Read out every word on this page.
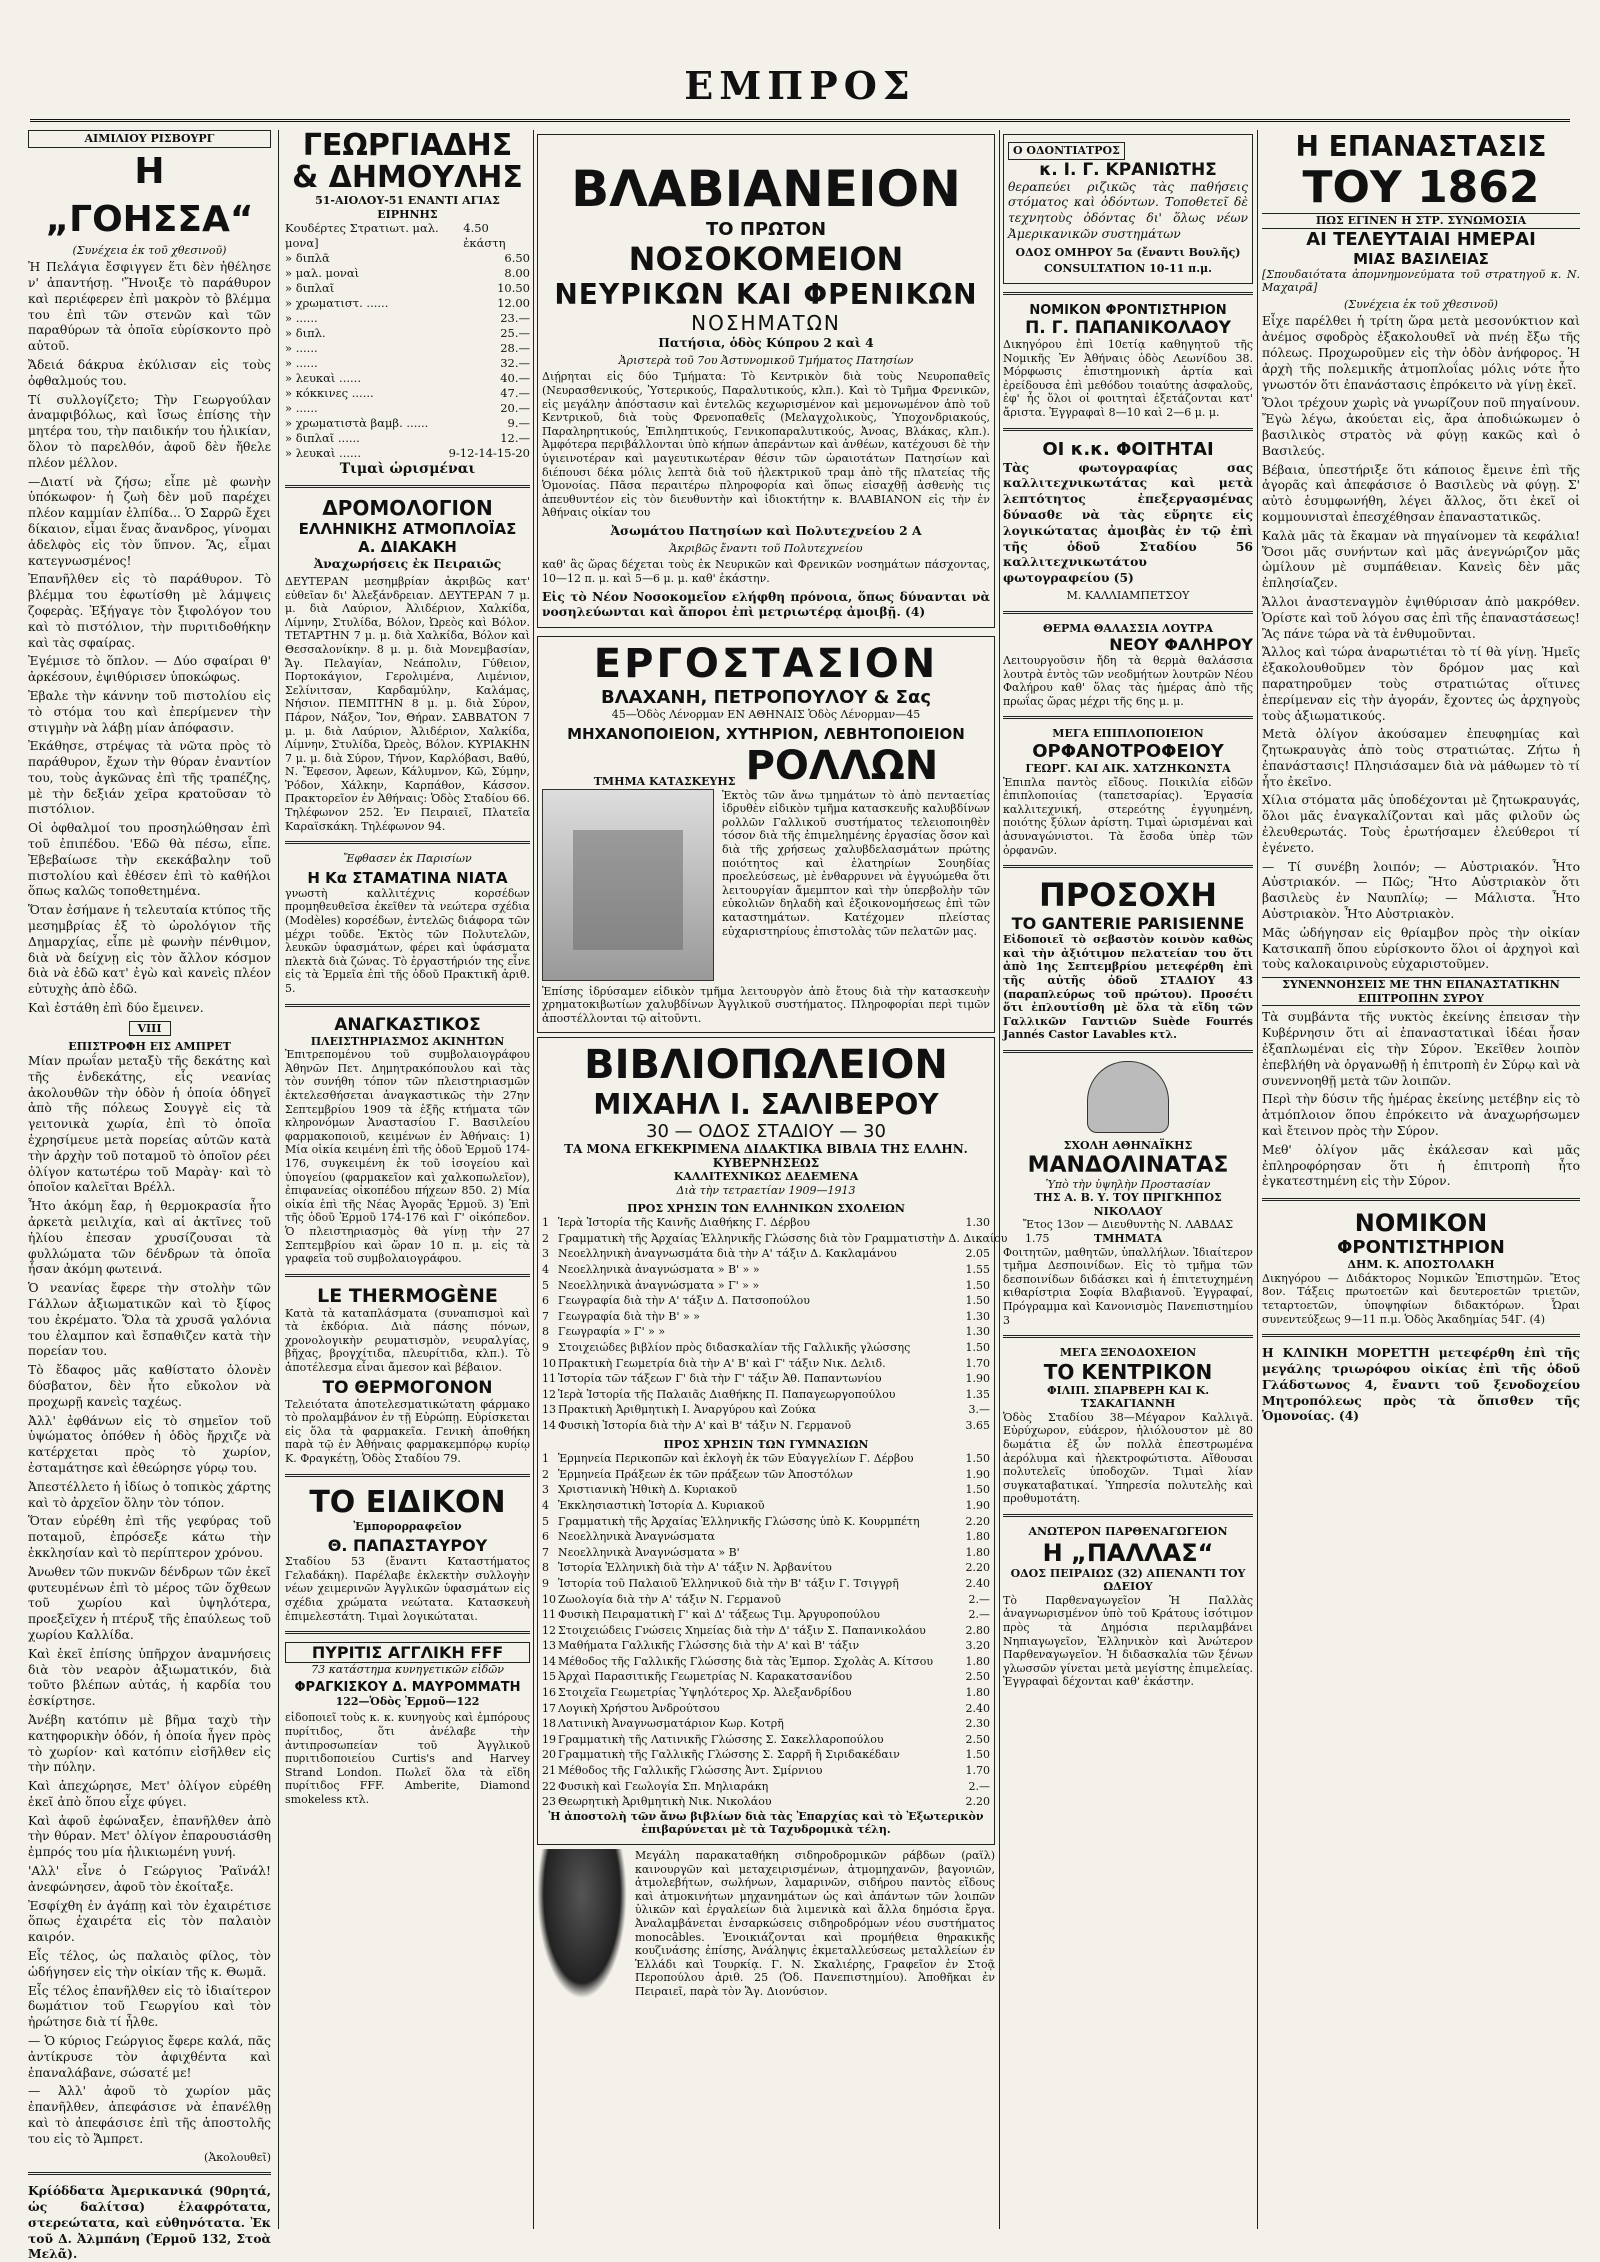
ΕΜΠΡΟΣ
ΑΙΜΙΛΙΟΥ ΡΙΣΒΟΥΡΓ
Η „ΓΟΗΣΣΑ“

(Συνέχεια ἐκ τοῦ χθεσινοῦ)

Ἠ Πελάγια ἔσφιγγεν ἕτι δὲν ἠθέλησε ν' ἀπαντήσῃ. 'Ἤνοιξε τὸ παράθυρον καὶ περιέφερεν ἐπὶ μακρὸν τὸ βλέμμα του ἐπὶ τῶν στενῶν καὶ τῶν παραθύρων τὰ ὁποῖα εὑρίσκοντο πρὸ αὐτοῦ.

Ἄδειά δάκρυα ἐκύλισαν εἰς τοὺς ὀφθαλμούς του.

Τί συλλογίζετο; Τὴν Γεωργούλαν ἀναμφιβόλως, καὶ ἴσως ἐπίσης τὴν μητέρα του, τὴν παιδικήν του ἡλικίαν, ὅλον τὸ παρελθόν, ἀφοῦ δὲν ἤθελε πλέον μέλλον.

—Διατί νὰ ζήσω; εἶπε μὲ φωνὴν ὑπόκωφον· ἡ ζωὴ δὲν μοῦ παρέχει πλέον καμμίαν ἐλπίδα... Ὁ Σαρρῶ ἔχει δίκαιον, εἶμαι ἕνας ἄνανδρος, γίνομαι ἀδελφὸς εἰς τὸν ὕπνον. Ἂς, εἶμαι κατεγνωσμένος!

Ἐπανῆλθεν εἰς τὸ παράθυρον. Τὸ βλέμμα του ἐφωτίσθη μὲ λάμψεις ζοφερὰς. Ἐξήγαγε τὸν ξιφολόγον του καὶ τὸ πιστόλιον, τὴν πυριτιδοθήκην καὶ τὰς σφαίρας.

Ἐγέμισε τὸ ὅπλον. — Δύο σφαίραι θ' ἀρκέσουν, ἐψιθύρισεν ὑποκώφως.

Ἐβαλε τὴν κάννην τοῦ πιστολίου εἰς τὸ στόμα του καὶ ἐπερίμενεν τὴν στιγμὴν νὰ λάβῃ μίαν ἀπόφασιν.

Ἐκάθησε, στρέψας τὰ νῶτα πρὸς τὸ παράθυρον, ἔχων τὴν θύραν ἐναντίον του, τοὺς ἀγκῶνας ἐπὶ τῆς τραπέζης, μὲ τὴν δεξιάν χεῖρα κρατοῦσαν τὸ πιστόλιον.

Οἱ ὀφθαλμοί του προσηλώθησαν ἐπὶ τοῦ ἐπιπέδου. 'Εδῶ θὰ πέσω, εἶπε. Ἐβεβαίωσε τὴν εκεκάβαλην τοῦ πιστολίου καὶ ἐθέσεν ἐπὶ τὸ καθήλοι ὅπως καλῶς τοποθετημένα.

Ὅταν ἐσήμανε ἡ τελευταία κτύπος τῆς μεσημβρίας ἐξ τὸ ὡρολόγιον τῆς Δημαρχίας, εἶπε μὲ φωνὴν πένθιμον, διὰ νὰ δείχνῃ εἰς τὸν ἄλλον κόσμον διὰ νὰ ἐδῶ κατ' ἐγὼ καὶ κανεὶς πλέον εὐτυχὴς ἀπὸ ἐδῶ.

Καὶ ἐστάθη ἐπὶ δύο ἔμεινεν.

VIII
ΕΠΙΣΤΡΟΦΗ ΕΙΣ ΑΜΠΡΕΤ

Μίαν πρωΐαν μεταξὺ τῆς δεκάτης καὶ τῆς ἐνδεκάτης, εἷς νεανίας ἀκολουθῶν τὴν ὁδὸν ἡ ὁποία ὁδηγεῖ ἀπὸ τῆς πόλεως Σουγγὲ εἰς τὰ γειτονικὰ χωρία, ἐπὶ τὸ ὁποῖα ἐχρησίμευε μετὰ πορείας αὐτῶν κατὰ τὴν ἀρχὴν τοῦ ποταμοῦ τὸ ὁποῖον ρέει ὀλίγον κατωτέρω τοῦ Μαρὰγ· καὶ τὸ ὁποῖον καλεῖται Βρέλλ.

Ἦτο ἀκόμη ἔαρ, ἡ θερμοκρασία ἦτο ἀρκετὰ μειλιχία, καὶ αἱ ἀκτῖνες τοῦ ἡλίου ἐπεσαν χρυσίζουσαι τὰ φυλλώματα τῶν δένδρων τὰ ὁποῖα ἦσαν ἀκόμη φωτεινά.

Ὁ νεανίας ἔφερε τὴν στολὴν τῶν Γάλλων ἀξιωματικῶν καὶ τὸ ξίφος του ἐκρέματο. Ὅλα τὰ χρυσᾶ γαλόνια του ἐλαμπον καὶ ἔσπαθιζεν κατὰ τὴν πορείαν του.

Τὸ ἔδαφος μᾶς καθίστατο ὁλονὲν δύσβατον, δὲν ἦτο εὔκολον νὰ προχωρῇ κανεὶς ταχέως.

Ἀλλ' ἐφθάνων εἰς τὸ σημεῖον τοῦ ὑψώματος ὁπόθεν ἡ ὁδὸς ἤρχιζε νὰ κατέρχεται πρὸς τὸ χωρίον, ἐσταμάτησε καὶ ἐθεώρησε γύρῳ του.

Ἀπεστέλλετο ἡ ἰδίως ὁ τοπικὸς χάρτης καὶ τὸ ἀρχεῖον ὅλην τὸν τόπον.

Ὅταν εὑρέθη ἐπὶ τῆς γεφύρας τοῦ ποταμοῦ, ἐπρόσεξε κάτω τὴν ἐκκλησίαν καὶ τὸ περίπτερον χρόνου.

Ἀνωθεν τῶν πυκνῶν δένδρων τῶν ἐκεῖ φυτευμένων ἐπὶ τὸ μέρος τῶν ὄχθεων τοῦ χωρίου καὶ ὑψηλότερα, προεξεῖχεν ἡ πτέρυξ τῆς ἐπαύλεως τοῦ χωρίου Καλλίδα.

Καὶ ἐκεῖ ἐπίσης ὑπῆρχον ἀναμνήσεις διὰ τὸν νεαρὸν ἀξιωματικόν, διὰ τοῦτο βλέπων αὐτάς, ἡ καρδία του ἐσκίρτησε.

Ἀνέβη κατόπιν μὲ βῆμα ταχὺ τὴν κατηφορικὴν ὁδόν, ἡ ὁποία ἦγεν πρὸς τὸ χωρίον· καὶ κατόπιν εἰσῆλθεν εἰς τὴν πύλην.

Καὶ ἀπεχώρησε, Μετ' ὀλίγον εὑρέθη ἐκεῖ ἀπὸ ὅπου εἶχε φύγει.

Καὶ ἀφοῦ ἐφώναξεν, ἐπανῆλθεν ἀπὸ τὴν θύραν. Μετ' ὀλίγον ἐπαρουσιάσθη ἐμπρός του μία ἡλικιωμένη γυνή.

'Αλλ' εἶνε ὁ Γεώργιος Ῥαϊνάλ! ἀνεφώνησεν, ἀφοῦ τὸν ἐκοίταξε.

Ἐσφίχθη ἐν ἀγάπῃ καὶ τὸν ἐχαιρέτισε ὅπως ἐχαιρέτα εἰς τὸν παλαιὸν καιρόν.

Εἶς τέλος, ὡς παλαιὸς φίλος, τὸν ὡδήγησεν εἰς τὴν οἰκίαν τῆς κ. Θωμᾶ.

Εἶς τέλος ἐπανῆλθεν εἰς τὸ ἰδιαίτερον δωμάτιον τοῦ Γεωργίου καὶ τὸν ἠρώτησε διὰ τί ἦλθε.

— Ὁ κύριος Γεώργιος ἔφερε καλά, πᾶς ἀντίκρυσε τὸν ἀφιχθέντα καὶ ἐπαναλάβανε, σώσατέ με!

— Ἀλλ' ἀφοῦ τὸ χωρίον μᾶς ἐπανῆλθεν, ἀπεφάσισε νὰ ἐπανέλθῃ καὶ τὸ ἀπεφάσισε ἐπὶ τῆς ἀποστολῆς του εἰς τὸ Ἄμπρετ.

(Ἀκολουθεῖ)

Κρίόδδατα Ἀμερικανικά (90ρητά, ὡς δαλίτσα) ἐλαφρότατα, στερεώτατα, καὶ εὐθηνότατα. Ἐκ τοῦ Δ. Ἀλμπάνη (Ἐρμοῦ 132, Στοὰ Μελᾶ).

ΓΕΩΡΓΙΑΔΗΣ
& ΔΗΜΟΥΛΗΣ
51-ΑΙΟΛΟΥ-51 ΕΝΑΝΤΙ ΑΓΙΑΣ ΕΙΡΗΝΗΣ
Κουδέρτες Στρατιωτ. μαλ. μονα]
4.50 ἐκάστη
» διπλᾶ	6.50
» μαλ. μοναὶ	8.00
» διπλαῖ	10.50
» χρωματιστ. ......	12.00
» ......	23.—
» διπλ.	25.—
» ......	28.—
» ......	32.—
» λευκαὶ ......	40.—
» κόκκινες ......	47.—
» ......	20.—
» χρωματιστὰ βαμβ. ......	9.—
» διπλαῖ ......	12.—
» λευκαὶ ......	9-12-14-15-20
Τιμαὶ ὡρισμέναι
ΔΡΟΜΟΛΟΓΙΟΝ
ΕΛΛΗΝΙΚΗΣ ΑΤΜΟΠΛΟΪΑΣ
Α. ΔΙΑΚΑΚΗ

Ἀναχωρήσεις ἐκ Πειραιῶς

ΔΕΥΤΕΡΑΝ μεσημβρίαν ἀκριβῶς κατ' εὐθεῖαν δι' Ἀλεξάνδρειαν. ΔΕΥΤΕΡΑΝ 7 μ. μ. διὰ Λαύριον, Ἀλιδέριον, Χαλκίδα, Λίμνην, Στυλίδα, Βόλον, Ὠρεὸς καὶ Βόλον. ΤΕΤΑΡΤΗΝ 7 μ. μ. διὰ Χαλκίδα, Βόλον καὶ Θεσσαλονίκην. 8 μ. μ. διὰ Μονεμβασίαν, Ἄγ. Πελαγίαν, Νεάπολιν, Γύθειον, Πορτοκάγιον, Γερολιμένα, Λιμένιον, Σελίνιτσαν, Καρδαμύλην, Καλάμας, Νήσιον. ΠΕΜΠΤΗΝ 8 μ. μ. διὰ Σύρον, Πάρον, Νάξον, Ἴον, Θήραν. ΣΑΒΒΑΤΟΝ 7 μ. μ. διὰ Λαύριον, Ἀλιδέριον, Χαλκίδα, Λίμνην, Στυλίδα, Ὠρεὸς, Βόλον. ΚΥΡΙΑΚΗΝ 7 μ. μ. διὰ Σύρον, Τήνον, Καρλόβασι, Βαθύ, Ν. Ἔφεσον, Ἀφεων, Κάλυμνον, Κῶ, Σύμην, Ῥόδον, Χάλκην, Καρπάθον, Κάσσον. Πρακτορεῖον ἐν Ἀθήναις: Ὁδὸς Σταδίου 66. Τηλέφωνον 252. Ἐν Πειραιεῖ, Πλατεῖα Καραϊσκάκη. Τηλέφωνον 94.

Ἔφθασεν ἐκ Παρισίων

Η Κα ΣΤΑΜΑΤΙΝΑ ΝΙΑΤΑ

γνωστὴ καλλιτέχνις κορσέδων προμηθευθεῖσα ἐκεῖθεν τὰ νεώτερα σχέδια (Modèles) κορσέδων, ἐντελῶς διάφορα τῶν μέχρι τοῦδε. Ἐκτὸς τῶν Πολυτελῶν, λευκῶν ὑφασμάτων, φέρει καὶ ὑφάσματα πλεκτὰ διὰ ζώνας. Τὸ ἐργαστήριόν της εἶνε εἰς τὰ Ἐρμεῖα ἐπὶ τῆς ὁδοῦ Πρακτικῆ ἀριθ. 5.

ΑΝΑΓΚΑΣΤΙΚΟΣ
ΠΛΕΙΣΤΗΡΙΑΣΜΟΣ ΑΚΙΝΗΤΩΝ

Ἐπιτρεπομένου τοῦ συμβολαιογράφου Ἀθηνῶν Πετ. Δημητρακόπουλου καὶ τὰς τὸν συνήθη τόπον τῶν πλειστηριασμῶν ἐκτελεσθήσεται ἀναγκαστικῶς τὴν 27ην Σεπτεμβρίου 1909 τὰ ἑξῆς κτήματα τῶν κληρονόμων Ἀναστασίου Γ. Βασιλείου φαρμακοποιοῦ, κειμένων ἐν Ἀθήναις: 1) Μία οἰκία κειμένη ἐπὶ τῆς ὁδοῦ Ἑρμοῦ 174-176, συγκειμένη ἐκ τοῦ ἰσογείου καὶ ὑπογείου (φαρμακεῖον καὶ χαλκοπωλεῖον), ἐπιφανείας οἰκοπέδου πήχεων 850. 2) Μία οἰκία ἐπὶ τῆς Νέας Ἀγορᾶς Ἑρμοῦ. 3) Ἐπὶ τῆς ὁδοῦ Ἐρμοῦ 174-176 καὶ Γ' οἰκόπεδον. Ὁ πλειστηριασμὸς θὰ γίνῃ τὴν 27 Σεπτεμβρίου καὶ ὥραν 10 π. μ. εἰς τὰ γραφεῖα τοῦ συμβολαιογράφου.

LE THERMOGÈNE

Κατὰ τὰ καταπλάσματα (συναπισμοὶ καὶ τὰ ἐκδόρια. Διὰ πάσης πόνων, χρονολογικὴν ρευματισμὸν, νευραλγίας, βῆχας, βρογχίτιδα, πλευρίτιδα, κλπ.). Τὸ ἀποτέλεσμα εἶναι ἄμεσον καὶ βέβαιον.

ΤΟ ΘΕΡΜΟΓΟΝΟΝ

Τελειότατα ἀποτελεσματικώτατη φάρμακο τὸ προλαμβάνον ἐν τῇ Εὐρώπῃ. Εὑρίσκεται εἰς ὅλα τὰ φαρμακεῖα. Γενικὴ ἀποθήκη παρὰ τῷ ἐν Ἀθήναις φαρμακεμπόρῳ κυρίῳ Κ. Φραγκέτῃ, Ὁδὸς Σταδίου 79.

ΤΟ ΕΙΔΙΚΟΝ

Ἐμπορορραφεῖον

Θ. ΠΑΠΑΣΤΑΥΡΟΥ

Σταδίου 53 (ἔναντι Καταστήματος Γελαδάκη). Παρέλαβε ἐκλεκτὴν συλλογὴν νέων χειμερινῶν Ἀγγλικῶν ὑφασμάτων εἰς σχέδια χρώματα νεώτατα. Κατασκευὴ ἐπιμελεστάτη. Τιμαὶ λογικώταται.

ΠΥΡΙΤΙΣ ΑΓΓΛΙΚΗ FFF

73 κατάστημα κυνηγετικῶν εἰδῶν

ΦΡΑΓΚΙΣΚΟΥ Δ. ΜΑΥΡΟΜΜΑΤΗ

122—Ὁδὸς Ἐρμοῦ—122

εἰδοποιεῖ τοὺς κ. κ. κυνηγοὺς καὶ ἐμπόρους πυρίτιδος, ὅτι ἀνέλαβε τὴν ἀντιπροσωπείαν τοῦ Ἀγγλικοῦ πυριτιδοποιείου Curtis's and Harvey Strand London. Πωλεῖ ὅλα τὰ εἴδη πυρίτιδος FFF. Amberite, Diamond smokeless κτλ.

ΒΛΑΒΙΑΝΕΙΟΝ
ΤΟ ΠΡΩΤΟΝ
ΝΟΣΟΚΟΜΕΙΟΝ
ΝΕΥΡΙΚΩΝ ΚΑΙ ΦΡΕΝΙΚΩΝ
ΝΟΣΗΜΑΤΩΝ

Πατήσια, ὁδὸς Κύπρου 2 καὶ 4

Ἀριστερὰ τοῦ 7ου Ἀστυνομικοῦ Τμήματος Πατησίων

Διῄρηται εἰς δύο Τμήματα: Τὸ Κεντρικὸν διὰ τοὺς Νευροπαθεῖς (Νευρασθενικούς, Ὑστερικούς, Παραλυτικούς, κλπ.). Καὶ τὸ Τμῆμα Φρενικῶν, εἰς μεγάλην ἀπόστασιν καὶ ἐντελῶς κεχωρισμένον καὶ μεμονωμένον ἀπὸ τοῦ Κεντρικοῦ, διὰ τοὺς Φρενοπαθεῖς (Μελαγχολικοὺς, Ὑποχονδριακούς, Παραληρητικούς, Ἐπιληπτικούς, Γενικοπαραλυτικούς, Ἀνοας, Βλάκας, κλπ.). Ἀμφότερα περιβάλλονται ὑπὸ κήπων ἀπεράντων καὶ ἀνθέων, κατέχουσι δὲ τὴν ὑγιεινοτέραν καὶ μαγευτικωτέραν θέσιν τῶν ὡραιοτάτων Πατησίων καὶ διέπουσι δέκα μόλις λεπτὰ διὰ τοῦ ἠλεκτρικοῦ τραμ ἀπὸ τῆς πλατείας τῆς Ὁμονοίας. Πᾶσα περαιτέρω πληροφορία καὶ ὅπως εἰσαχθῇ ἀσθενὴς τις ἀπευθυντέον εἰς τὸν διευθυντὴν καὶ ἰδιοκτήτην κ. ΒΛΑΒΙΑΝΟΝ εἰς τὴν ἐν Ἀθήναις οἰκίαν του

Ἀσωμάτου Πατησίων καὶ Πολυτεχνείου 2 Α

Ἀκριβῶς ἔναντι τοῦ Πολυτεχνείου

καθ' ἃς ὥρας δέχεται τοὺς ἐκ Νευρικῶν καὶ Φρενικῶν νοσημάτων πάσχοντας, 10—12 π. μ. καὶ 5—6 μ. μ. καθ' ἑκάστην.

Εἰς τὸ Νέον Νοσοκομεῖον ελήφθη πρόνοια, ὅπως δύνανται νὰ νοσηλεύωνται καὶ ἄποροι ἐπὶ μετριωτέρᾳ ἀμοιβῇ. (4)

ΕΡΓΟΣΤΑΣΙΟΝ
ΒΛΑΧΑΝΗ, ΠΕΤΡΟΠΟΥΛΟΥ & Σας

45—Ὁδὸς Λένορμαν ΕΝ ΑΘΗΝΑΙΣ Ὁδὸς Λένορμαν—45

ΜΗΧΑΝΟΠΟΙΕΙΟΝ, ΧΥΤΗΡΙΟΝ, ΛΕΒΗΤΟΠΟΙΕΙΟΝ
ΤΜΗΜΑ ΚΑΤΑΣΚΕΥΗΣ ΡΟΛΛΩΝ

Ἐκτὸς τῶν ἄνω τμημάτων τὸ ἀπὸ πενταετίας ἰδρυθὲν εἰδικὸν τμῆμα κατασκευῆς καλυβδίνων ρολλῶν Γαλλικοῦ συστήματος τελειοποιηθὲν τόσον διὰ τῆς ἐπιμελημένης ἐργασίας ὅσον καὶ διὰ τῆς χρήσεως χαλυβδελασμάτων πρώτης ποιότητος καὶ ἐλατηρίων Σουηδίας προελεύσεως, μὲ ἐνθαρρυνει νὰ ἐγγυώμεθα ὅτι λειτουργίαν ἄμεμπτον καὶ τὴν ὑπερβολὴν τῶν εὐκολιῶν δηλαδὴ καὶ ἐξοικονομήσεως ἐπὶ τῶν καταστημάτων. Κατέχομεν πλείστας εὐχαριστηρίους ἐπιστολὰς τῶν πελατῶν μας.

Ἐπίσης ἰδρύσαμεν εἰδικὸν τμῆμα λειτουργὸν ἀπὸ ἔτους διὰ τὴν κατασκευὴν χρηματοκιβωτίων χαλυβδίνων Ἀγγλικοῦ συστήματος. Πληροφορίαι περὶ τιμῶν ἀποστέλλονται τῷ αἰτοῦντι.

ΒΙΒΛΙΟΠΩΛΕΙΟΝ
ΜΙΧΑΗΛ Ι. ΣΑΛΙΒΕΡΟΥ
30 — ΟΔΟΣ ΣΤΑΔΙΟΥ — 30
ΤΑ ΜΟΝΑ ΕΓΚΕΚΡΙΜΕΝΑ ΔΙΔΑΚΤΙΚΑ ΒΙΒΛΙΑ ΤΗΣ ΕΛΛΗΝ. ΚΥΒΕΡΝΗΣΕΩΣ
ΚΑΛΛΙΤΕΧΝΙΚΩΣ ΔΕΔΕΜΕΝΑ
Διὰ τὴν τετραετίαν 1909—1913
ΠΡΟΣ ΧΡΗΣΙΝ ΤΩΝ ΕΛΛΗΝΙΚΩΝ ΣΧΟΛΕΙΩΝ
1 Ἱερὰ Ἱστορία τῆς Καινῆς Διαθήκης Γ. Δέρβου	1.30
2 Γραμματικὴ τῆς Ἀρχαίας Ἑλληνικῆς Γλώσσης διὰ τὸν Γραμματιστὴν Δ. Δικαίου	1.75
3 Νεοελληνικὴ ἀναγνωσμάτα διὰ τὴν Α' τάξιν Δ. Κακλαμάνου	2.05
4 Νεοελληνικὰ ἀναγνώσματα » Β' » »	1.55
5 Νεοελληνικὰ ἀναγνώσματα » Γ' » »	1.50
6 Γεωγραφία διὰ τὴν Α' τάξιν Δ. Πατσοπούλου	1.50
7 Γεωγραφία διὰ τὴν Β' » »	1.30
8 Γεωγραφία » Γ' » »	1.30
9 Στοιχειώδες βιβλίον πρὸς διδασκαλίαν τῆς Γαλλικῆς γλώσσης	1.50
10 Πρακτικὴ Γεωμετρία διὰ τὴν Α' Β' καὶ Γ' τάξιν Νικ. Δελιδ.	1.70
11 Ἱστορία τῶν τάξεων Γ' διὰ τὴν Γ' τάξιν Ἀθ. Παπαντωνίου	1.90
12 Ἱερὰ Ἱστορία τῆς Παλαιᾶς Διαθήκης Π. Παπαγεωργοπούλου	1.35
13 Πρακτικὴ Ἀριθμητικὴ Ι. Ἀναργύρου καὶ Ζούκα	3.—
14 Φυσικὴ Ἱστορία διὰ τὴν Α' καὶ Β' τάξιν Ν. Γερμανοῦ	3.65
ΠΡΟΣ ΧΡΗΣΙΝ ΤΩΝ ΓΥΜΝΑΣΙΩΝ
1 Ἑρμηνεία Περικοπῶν καὶ ἐκλογὴ ἐκ τῶν Εὐαγγελίων Γ. Δέρβου	1.50
2 Ἑρμηνεία Πράξεων ἐκ τῶν πράξεων τῶν Ἀποστόλων	1.90
3 Χριστιανικὴ Ἠθικὴ Δ. Κυριακοῦ	1.50
4 Ἐκκλησιαστικὴ Ἱστορία Δ. Κυριακοῦ	1.90
5 Γραμματικὴ τῆς Ἀρχαίας Ἑλληνικῆς Γλώσσης ὑπὸ Κ. Κουρμπέτη	2.20
6 Νεοελληνικὰ Ἀναγνώσματα	1.80
7 Νεοελληνικὰ Ἀναγνώσματα » Β'	1.80
8 Ἱστορία Ἑλληνικὴ διὰ τὴν Α' τάξιν Ν. Ἀρβανίτου	2.20
9 Ἱστορία τοῦ Παλαιοῦ Ἑλληνικοῦ διὰ τὴν Β' τάξιν Γ. Τσιγγρῆ	2.40
10 Ζωολογία διὰ τὴν Α' τάξιν Ν. Γερμανοῦ	2.—
11 Φυσικὴ Πειραματικὴ Γ' καὶ Δ' τάξεως Τιμ. Ἀργυροπούλου	2.—
12 Στοιχειώδεις Γνώσεις Χημείας διὰ τὴν Δ' τάξιν Σ. Παπανικολάου	2.80
13 Μαθήματα Γαλλικῆς Γλώσσης διὰ τὴν Α' καὶ Β' τάξιν	3.20
14 Μέθοδος τῆς Γαλλικῆς Γλώσσης διὰ τὰς Ἐμπορ. Σχολὰς Α. Κίτσου	1.80
15 Ἀρχαὶ Παρασιτικῆς Γεωμετρίας Ν. Καρακατσανίδου	2.50
16 Στοιχεῖα Γεωμετρίας Ὑψηλότερος Χρ. Ἀλεξανδρίδου	1.80
17 Λογικὴ Χρήστου Ἀνδρούτσου	2.40
18 Λατινικὴ Ἀναγνωσματάριον Κωρ. Κοτρῆ	2.30
19 Γραμματικὴ τῆς Λατινικῆς Γλώσσης Σ. Σακελλαροπούλου	2.50
20 Γραμματικὴ τῆς Γαλλικῆς Γλώσσης Σ. Σαρρῆ ἢ Σιριδακέδαιν	1.50
21 Μέθοδος τῆς Γαλλικῆς Γλώσσης Ἀντ. Σμίρνιου	1.70
22 Φυσικὴ καὶ Γεωλογία Σπ. Μηλιαράκη	2.—
23 Θεωρητικὴ Ἀριθμητικὴ Νικ. Νικολάου	2.20

Ἡ ἀποστολὴ τῶν ἄνω βιβλίων διὰ τὰς Ἐπαρχίας καὶ τὸ Ἐξωτερικὸν ἐπιβαρύνεται μὲ τὰ Ταχυδρομικὰ τέλη.

Μεγάλη παρακαταθήκη σιδηροδρομικῶν ράβδων (ραϊλ) καινουργῶν καὶ μεταχειρισμένων, ἀτμομηχανῶν, βαγονιῶν, ἀτμολεβήτων, σωλήνων, λαμαρινῶν, σιδήρου παντὸς εἴδους καὶ ἀτμοκινήτων μηχανημάτων ὡς καὶ ἁπάντων τῶν λοιπῶν ὑλικῶν καὶ ἐργαλείων διὰ λιμενικὰ καὶ ἄλλα δημόσια ἔργα. Ἀναλαμβάνεται ἐνσαρκώσεις σιδηροδρόμων νέου συστήματος monocâbles. Ἐνοικιάζονται καὶ προμήθεια θηρακικῆς κουζινάσης ἐπίσης, Ἀνάληψις ἐκμεταλλεύσεως μεταλλείων ἐν Ἑλλάδι καὶ Τουρκίᾳ. Γ. Ν. Σκαλιέρης, Γραφεῖον ἐν Στοᾷ Περοπούλου ἀριθ. 25 (Ὁδ. Πανεπιστημίου). Ἀποθῆκαι ἐν Πειραιεῖ, παρὰ τὸν Ἅγ. Διονύσιον.

Ο ΟΔΟΝΤΙΑΤΡΟΣ
κ. Ι. Γ. ΚΡΑΝΙΩΤΗΣ

θεραπεύει ριζικῶς τὰς παθήσεις στόματος καὶ ὀδόντων. Τοποθετεῖ δὲ τεχνητοὺς ὀδόντας δι' ὅλως νέων Ἀμερικανικῶν συστημάτων

ΟΔΟΣ ΟΜΗΡΟΥ 5α (ἔναντι Βουλῆς)

CONSULTATION 10-11 π.μ.

ΝΟΜΙΚΟΝ ΦΡΟΝΤΙΣΤΗΡΙΟΝ
Π. Γ. ΠΑΠΑΝΙΚΟΛΑΟΥ

Δικηγόρου ἐπὶ 10ετίᾳ καθηγητοῦ τῆς Νομικῆς Ἐν Ἀθήναις ὁδὸς Λεωνίδου 38. Μόρφωσις ἐπιστημονικὴ ἀρτία καὶ ἐρείδουσα ἐπὶ μεθόδου τοιαύτης ἀσφαλοῦς, ἐφ' ἧς ὅλοι οἱ φοιτηταὶ ἐξετάζονται κατ' ἄριστα. Ἐγγραφαὶ 8—10 καὶ 2—6 μ. μ.

ΟΙ κ.κ. ΦΟΙΤΗΤΑΙ

Τὰς φωτογραφίας σας καλλιτεχνικωτάτας καὶ μετὰ λεπτότητος ἐπεξεργασμένας δύνασθε νὰ τὰς εὕρητε εἰς λογικώτατας ἀμοιβὰς ἐν τῷ ἐπὶ τῆς ὁδοῦ Σταδίου 56 καλλιτεχνικωτάτου φωτογραφείου (5)

Μ. ΚΑΛΛΙΑΜΠΕΤΣΟΥ

ΘΕΡΜΑ ΘΑΛΑΣΣΙΑ ΛΟΥΤΡΑ
ΝΕΟΥ ΦΑΛΗΡΟΥ

Λειτουργοῦσιν ἤδη τὰ θερμὰ θαλάσσια λουτρὰ ἐντὸς τῶν νεοδμήτων λουτρῶν Νέου Φαλήρου καθ' ὅλας τὰς ἡμέρας ἀπὸ τῆς πρωΐας ὥρας μέχρι τῆς 6ης μ. μ.

ΜΕΓΑ ΕΠΙΠΛΟΠΟΙΕΙΟΝ
ΟΡΦΑΝΟΤΡΟΦΕΙΟΥ
ΓΕΩΡΓ. ΚΑΙ ΑΙΚ. ΧΑΤΖΗΚΩΝΣΤΑ

Ἐπιπλα παντὸς εἴδους. Ποικιλία εἰδῶν ἐπιπλοποιίας (ταπετσαρίας). Ἐργασία καλλιτεχνική, στερεότης ἐγγυημένη, ποιότης ξύλων ἀρίστη. Τιμαὶ ὡρισμέναι καὶ ἀσυναγώνιστοι. Τὰ ἔσοδα ὑπὲρ τῶν ὀρφανῶν.

ΠΡΟΣΟΧΗ
ΤΟ GANTERIE PARISIENNE

Εἰδοποιεῖ τὸ σεβαστὸν κοινὸν καθὼς καὶ τὴν ἀξιότιμον πελατείαν του ὅτι ἀπὸ 1ης Σεπτεμβρίου μετεφέρθη ἐπὶ τῆς αὐτῆς ὁδοῦ ΣΤΑΔΙΟΥ 43 (παραπλεύρως τοῦ πρώτου). Προσέτι ὅτι ἐπλουτίσθη μὲ ὅλα τὰ εἴδη τῶν Γαλλικῶν Γαντιῶν Suède Fourrés Jannés Castor Lavables κτλ.

ΣΧΟΛΗ ΑΘΗΝΑΪΚΗΣ
ΜΑΝΔΟΛΙΝΑΤΑΣ
Ὑπὸ τὴν ὑψηλὴν Προστασίαν
ΤΗΣ Α. Β. Υ. ΤΟΥ ΠΡΙΓΚΗΠΟΣ ΝΙΚΟΛΑΟΥ
Ἔτος 13ον — Διευθυντὴς Ν. ΛΑΒΔΑΣ
ΤΜΗΜΑΤΑ

Φοιτητῶν, μαθητῶν, ὑπαλλήλων. Ἰδιαίτερον τμῆμα Δεσποινίδων. Εἰς τὸ τμῆμα τῶν δεσποινίδων διδάσκει καὶ ἡ ἐπιτετυχημένη κιθαρίστρια Σοφία Βλαβιανοῦ. Ἐγγραφαί, Πρόγραμμα καὶ Κανονισμὸς Πανεπιστημίου 3

ΜΕΓΑ ΞΕΝΟΔΟΧΕΙΟΝ
ΤΟ ΚΕΝΤΡΙΚΟΝ
ΦΙΛΙΠ. ΣΠΑΡΒΕΡΗ ΚΑΙ Κ. ΤΣΑΚΑΓΙΑΝΝΗ

Ὁδὸς Σταδίου 38—Μέγαρον Καλλιγᾶ. Εὐρύχωρον, εὐάερον, ἡλιόλουστον μὲ 80 δωμάτια ἐξ ὧν πολλὰ ἐπεστρωμένα ἀερόλυμα καὶ ἠλεκτροφώτιστα. Αἴθουσαι πολυτελεῖς ὑποδοχῶν. Τιμαὶ λίαν συγκαταβατικαί. Ὑπηρεσία πολυτελὴς καὶ προθυμοτάτη.

ΑΝΩΤΕΡΟΝ ΠΑΡΘΕΝΑΓΩΓΕΙΟΝ
Η „ΠΑΛΛΑΣ“
ΟΔΟΣ ΠΕΙΡΑΙΩΣ (32) ΑΠΕΝΑΝΤΙ ΤΟΥ ΩΔΕΙΟΥ

Τὸ Παρθεναγωγεῖον Ἡ Παλλὰς ἀναγνωρισμένον ὑπὸ τοῦ Κράτους ἰσότιμον πρὸς τὰ Δημόσια περιλαμβάνει Νηπιαγωγεῖον, Ἑλληνικὸν καὶ Ἀνώτερον Παρθεναγωγεῖον. Ἡ διδασκαλία τῶν ξένων γλωσσῶν γίνεται μετὰ μεγίστης ἐπιμελείας. Ἐγγραφαὶ δέχονται καθ' ἑκάστην.

Η ΕΠΑΝΑΣΤΑΣΙΣ
ΤΟΥ 1862
ΠΩΣ ΕΓΙΝΕΝ Η ΣΤΡ. ΣΥΝΩΜΟΣΙΑ
ΑΙ ΤΕΛΕΥΤΑΙΑΙ ΗΜΕΡΑΙ
ΜΙΑΣ ΒΑΣΙΛΕΙΑΣ

[Σπουδαιότατα ἀπομνημονεύματα τοῦ στρατηγοῦ κ. Ν. Μαχαιρᾶ]

(Συνέχεια ἐκ τοῦ χθεσινοῦ)

Εἶχε παρέλθει ἡ τρίτη ὥρα μετὰ μεσονύκτιον καὶ ἀνέμος σφοδρὸς ἐξακολουθεῖ νὰ πνέῃ ἔξω τῆς πόλεως. Προχωροῦμεν εἰς τὴν ὁδὸν ἀνήφορος. Ἡ ἀρχὴ τῆς πολεμικῆς ἀτμοπλοΐας μόλις νότε ἦτο γνωστόν ὅτι ἐπανάστασις ἐπρόκειτο νὰ γίνῃ ἐκεῖ.

Ὅλοι τρέχουν χωρὶς νὰ γνωρίζουν ποῦ πηγαίνουν. Ἔγὼ λέγω, ἀκούεται εἰς, ἄρα ἀποδιώκωμεν ὁ βασιλικὸς στρατὸς νὰ φύγῃ κακῶς καὶ ὁ Βασιλεύς.

Βέβαια, ὑπεστήριξε ὅτι κάποιος ἔμεινε ἐπὶ τῆς ἀγορᾶς καὶ ἀπεφάσισε ὁ Βασιλεὺς νὰ φύγῃ. Σ' αὐτὸ ἐσυμφωνήθη, λέγει ἄλλος, ὅτι ἐκεῖ οἱ κομμουνισταὶ ἐπεσχέθησαν ἐπαναστατικῶς.

Καλὰ μᾶς τὰ ἔκαμαν νὰ πηγαίνομεν τὰ κεφάλια! Ὅσοι μᾶς συνήντων καὶ μᾶς ἀνεγνώριζον μᾶς ὠμίλουν μὲ συμπάθειαν. Κανεὶς δὲν μᾶς ἐπλησίαζεν.

Ἄλλοι ἀναστεναγμὸν ἐψιθύρισαν ἀπὸ μακρόθεν. Ὁρίστε καὶ τοῦ λόγου σας ἐπὶ τῆς ἐπαναστάσεως! Ἂς πάνε τώρα νὰ τὰ ἐνθυμοῦνται.

Ἄλλος καὶ τώρα ἀναρωτιέται τὸ τί θὰ γίνῃ. Ἡμεῖς ἐξακολουθοῦμεν τὸν δρόμον μας καὶ παρατηροῦμεν τοὺς στρατιώτας οἵτινες ἐπερίμεναν εἰς τὴν ἀγοράν, ἔχοντες ὡς ἀρχηγοὺς τοὺς ἀξιωματικούς.

Μετὰ ὀλίγον ἀκούσαμεν ἐπευφημίας καὶ ζητωκραυγὰς ἀπὸ τοὺς στρατιώτας. Ζήτω ἡ ἐπανάστασις! Πλησιάσαμεν διὰ νὰ μάθωμεν τὸ τί ἦτο ἐκεῖνο.

Χίλια στόματα μᾶς ὑποδέχονται μὲ ζητωκραυγάς, ὅλοι μᾶς ἐναγκαλίζονται καὶ μᾶς φιλοῦν ὡς ἐλευθερωτάς. Τοὺς ἐρωτήσαμεν ἐλεύθεροι τί ἐγένετο.

— Τί συνέβη λοιπόν; — Αὐστριακόν. Ἦτο Αὐστριακόν. — Πῶς; Ἤτο Αὐστριακὸν ὅτι βασιλεὺς ἐν Ναυπλίῳ; — Μάλιστα. Ἦτο Αὐστριακὸν. Ἦτο Αὐστριακὸν.

Μᾶς ὡδήγησαν εἰς θρίαμβον πρὸς τὴν οἰκίαν Κατσικαπῆ ὅπου εὑρίσκοντο ὅλοι οἱ ἀρχηγοὶ καὶ τοὺς καλοκαιρινοὺς εὐχαριστοῦμεν.

ΣΥΝΕΝΝΟΗΣΕΙΣ ΜΕ ΤΗΝ ΕΠΑΝΑΣΤΑΤΙΚΗΝ ΕΠΙΤΡΟΠΗΝ ΣΥΡΟΥ

Τὰ συμβάντα τῆς νυκτὸς ἐκείνης ἐπεισαν τὴν Κυβέρνησιν ὅτι αἱ ἐπαναστατικαὶ ἰδέαι ἦσαν ἐξαπλωμέναι εἰς τὴν Σύρον. Ἐκεῖθεν λοιπὸν ἐπεβλήθη νὰ ὁργανωθῇ ἡ ἐπιτροπὴ ἐν Σύρῳ καὶ νὰ συνεννοηθῇ μετὰ τῶν λοιπῶν.

Περὶ τὴν δύσιν τῆς ἡμέρας ἐκείνης μετέβην εἰς τὸ ἀτμόπλοιον ὅπου ἐπρόκειτο νὰ ἀναχωρήσωμεν καὶ ἔτεινον πρὸς τὴν Σύρον.

Μεθ' ὀλίγον μᾶς ἐκάλεσαν καὶ μᾶς ἐπληροφόρησαν ὅτι ἡ ἐπιτροπὴ ἦτο ἐγκατεστημένη εἰς τὴν Σύρον.

ΝΟΜΙΚΟΝ
ΦΡΟΝΤΙΣΤΗΡΙΟΝ
ΔΗΜ. Κ. ΑΠΟΣΤΟΛΑΚΗ

Δικηγόρου — Διδάκτορος Νομικῶν Ἐπιστημῶν. Ἔτος 8ον. Τάξεις πρωτοετῶν καὶ δευτεροετῶν τριετῶν, τεταρτοετῶν, ὑποψηφίων διδακτόρων. Ὧραι συνεντεύξεως 9—11 π.μ. Ὁδὸς Ἀκαδημίας 54Γ. (4)

Η ΚΛΙΝΙΚΗ ΜΟΡΕΤΤΗ μετεφέρθη ἐπὶ τῆς μεγάλης τριωρόφου οἰκίας ἐπὶ τῆς ὁδοῦ Γλάδστωνος 4, ἔναντι τοῦ ξενοδοχείου Μητροπόλεως πρὸς τὰ ὄπισθεν τῆς Ὁμονοίας. (4)
